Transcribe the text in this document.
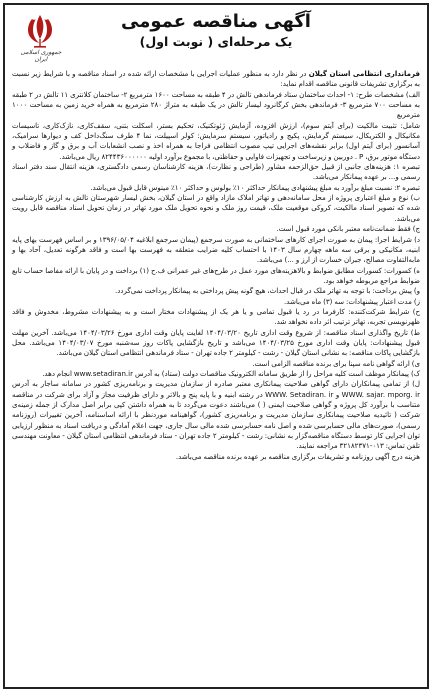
جمهوری اسلامی ایران
آگهی مناقصه عمومی
یک مرحله‌ای ( نوبت اول)

فرمانداری انتظامی استان گیلان در نظر دارد به منظور عملیات اجرایی با مشخصات ارائه شده در اسناد مناقصه و با شرایط زیر نسبت به برگزاری تشریفات قانونی مناقصه اقدام نماید:

الف) مشخصات طرح: ۱- احداث ساختمان ستاد فرماندهی تالش در ۴ طبقه به مساحت ۱۶۰۰ مترمربع ۲- ساختمان کلانتری ۱۱ تالش در ۲ طبقه به مساحت ۷۰۰ مترمربع ۳- فرماندهی بخش کرگانرود لیسار تالش در یک طبقه به متراژ ۲۸۰ مترمربع به همراه خرید زمین به مساحت ۱۰۰۰ مترمربع

شامل: تثبیت مالکیت (برای آیتم سوم)، ارزش افزوده، آزمایش ژئوتکنیک، تحکیم بستر، اسکلت بتنی، سقف‌کاری، نازک‌کاری، تاسیسات مکانیکال و الکتریکال، سیستم گرمایش، پکیج و رادیاتور، سیستم سرمایش: کولر اسپیلت، نما ۴ طرف سنگ‌داخل کف و دیوارها سرامیک، آسانسور (برای آیتم اول) برابر نقشه‌های اجرایی تیپ مصوب انتظامی فراجا به همراه اخذ و نصب انشعابات آب و برق و گاز و فاضلاب و دستگاه موتور برق، P . دوربین و زیرساخت و تجهیزات فاوایی و حفاظتی، با مجموع برآورد اولیه ۸۲۴۴۳۶۰۰۰۰۰۰ ریال می‌باشد.

تبصره ۱: هزینه‌های جانبی از قبیل حق‌الزحمه مشاور (طراحی و نظارت)، هزینه کارشناسان رسمی دادگستری، هزینه انتقال سند دفتر اسناد رسمی و... بر عهده پیمانکار می‌باشد.

تبصره ۲: نسبت مبلغ برآورد به مبلغ پیشنهادی پیمانکار حداکثر ۱۰٪ بولوس و حداکثر ۱۰٪ مینوس قابل قبول می‌باشد.

ب) نوع و مبلغ اعتباری پروژه از محل سامانه‌دهی و تهاتر املاک مازاد واقع در استان گیلان، بخش لیسار شهرستان تالش به ارزش کارشناسی شده که تصویر اسناد مالکیت، کروکی موقعیت ملک، قیمت روز ملک و نحوه تحویل ملک مورد تهاتر در زمان تحویل اسناد مناقصه قابل رویت می‌باشد.

ج) فقط ضمانت‌نامه معتبر بانکی مورد قبول است.

د) شرایط اجرا: پیمان به صورت اجرای کارهای ساختمانی به صورت سرجمع (پیمان سرجمع ابلاغیه ۱۳۹۶/۰۵/۰۴ و بر اساس فهرست بهای پایه ابنیه، مکانیکی و برقی سه ماهه چهارم سال ۱۴۰۳ با احتساب کلیه ضرایب متعلقه به فهرست بها است و فاقد هرگونه تعدیل، آحاد بها و مابه‌التفاوت مصالح، جبران خسارت از ارز و ...) می‌باشد.

ه) کسورات: کسورات مطابق ضوابط و بالاهزینه‌های مورد عمل در طرح‌های غیر عمرانی ف.ح (۱) برداخت و در پایان با ارائه مفاصا حساب تابع ضوابط مراجع مربوطه خواهد بود.

و) پیش برداخت: با توجه به تهاتر ملک در قبال احداث، هیچ گونه پیش پرداختی به پیمانکار پرداخت نمی‌گردد.

ز) مدت اعتبار پیشنهادات: سه (۳) ماه می‌باشد.

ح) شرایط شرکت‌کننده: کارفرما در رد یا قبول تمامی و یا هر یک از پیشنهادات مختار است و به پیشنهادات مشروط، مخدوش و فاقد ظهرنویسی تجربه، تهاتر ترتیب اثر داده نخواهد شد.

ط) تاریخ واگذاری اسناد مناقصه: از شروع وقت اداری تاریخ ۱۴۰۴/۰۳/۲۰ لغایت پایان وقت اداری مورخ ۱۴۰۴/۰۳/۲۶ می‌باشد. آخرین مهلت قبول پیشنهادات: پایان وقت اداری مورخ ۱۴۰۴/۰۳/۲۵ می‌باشد و تاریخ بازگشایی پاکات روز سه‌شنبه مورخ ۱۴۰۴/۰۳/۰۷ می‌باشد. محل بازگشایی پاکات مناقصه: به نشانی استان گیلان - رشت - کیلومتر ۲ جاده تهران - ستاد فرماندهی انتظامی استان گیلان می‌باشد.

ی) ارائه گواهی نامه سپنا برای برنده مناقصه الزامی است.

ک) پیمانکار موظف است کلیه مراحل را از طریق سامانه الکترونیک مناقصات دولت (ستاد) به آدرس www.setadiran.ir انجام دهد.

ل) از تمامی پیمانکاران دارای گواهی صلاحیت پیمانکاری معتبر صادره از سازمان مدیریت و برنامه‌ریزی کشور در سامانه ساجار به آدرس WWW. sajar. mporg. ir و WWW. Setadiran. ir در رشته ابنیه و با پایه پنج و بالاتر و دارای ظرفیت مجاز و آزاد برای شرکت در مناقصه متناسب با برآورد کل پروژه و گواهی صلاحیت ایمنی ( ) می‌باشند دعوت می‌گردد تا به همراه داشتن کپی برابر اصل مدارک از جمله زمینه‌ی شرکت ( تائیدیه صلاحیت پیمانکاری سازمان مدیریت و برنامه‌ریزی کشور)، گواهینامه موردنظر با ارائه اساسنامه، آخرین تغییرات (روزنامه رسمی)، صورت‌های مالی حسابرسی شده و اصل نامه حسابرسی شده مالی سال جاری، جهت اعلام آمادگی و دریافت اسناد به منظور ارزیابی توان اجرایی کار توسط دستگاه مناقصه‌گزار به نشانی: رشت - کیلومتر ۲ جاده تهران - ستاد فرماندهی انتظامی استان گیلان - معاونت مهندسی تلفن تماس: ۰۱۳-۳۲۱۸۲۳۷۱ مراجعه نمایند.

هزینه درج آگهی روزنامه و تشریفات برگزاری مناقصه بر عهده برنده مناقصه می‌باشد.
